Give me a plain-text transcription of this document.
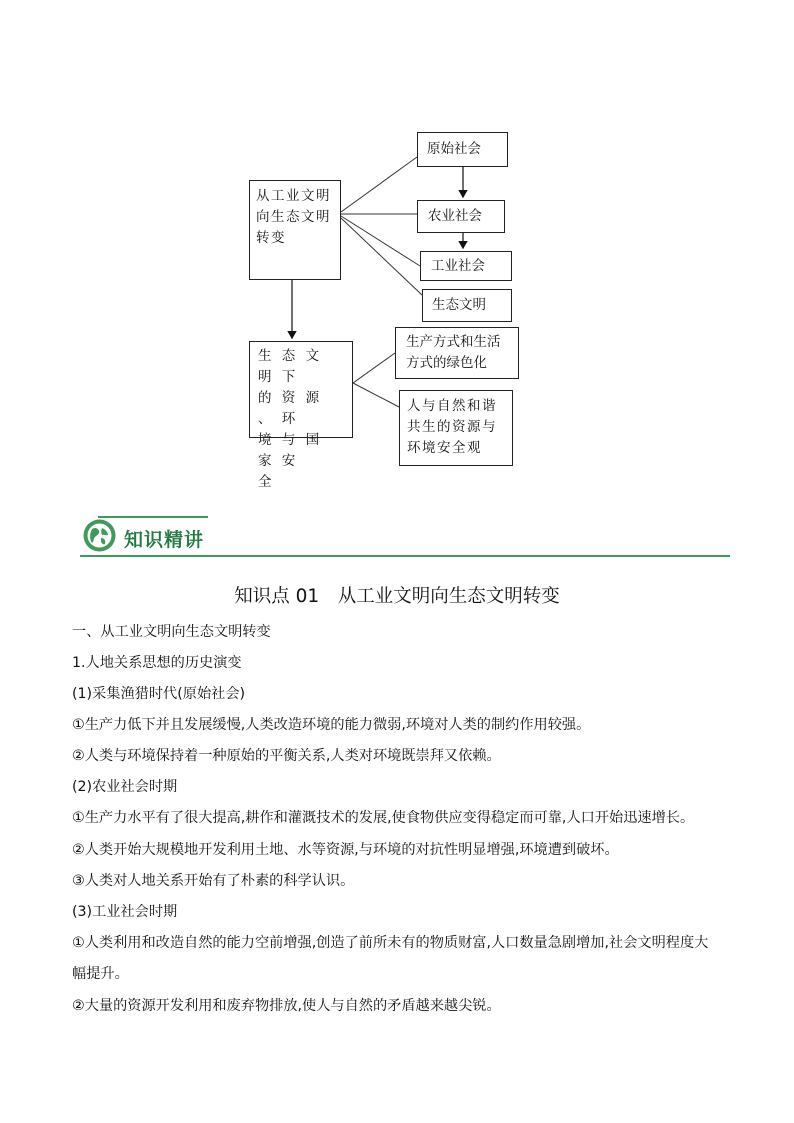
从工业文明
向生态文明
转变
原始社会
农业社会
工业社会
生态文明
生 态 文 明 下
的 资 源 、 环
境 与 国 家 安
全
生产方式和生活
方式的绿色化
人与自然和谐
共生的资源与
环境安全观
知识精讲
知识点 01　从工业文明向生态文明转变
一、从工业文明向生态文明转变
1.人地关系思想的历史演变
(1)采集渔猎时代(原始社会)
①生产力低下并且发展缓慢,人类改造环境的能力微弱,环境对人类的制约作用较强。
②人类与环境保持着一种原始的平衡关系,人类对环境既崇拜又依赖。
(2)农业社会时期
①生产力水平有了很大提高,耕作和灌溉技术的发展,使食物供应变得稳定而可靠,人口开始迅速增长。
②人类开始大规模地开发利用土地、水等资源,与环境的对抗性明显增强,环境遭到破坏。
③人类对人地关系开始有了朴素的科学认识。
(3)工业社会时期
①人类利用和改造自然的能力空前增强,创造了前所未有的物质财富,人口数量急剧增加,社会文明程度大
幅提升。
②大量的资源开发利用和废弃物排放,使人与自然的矛盾越来越尖锐。
